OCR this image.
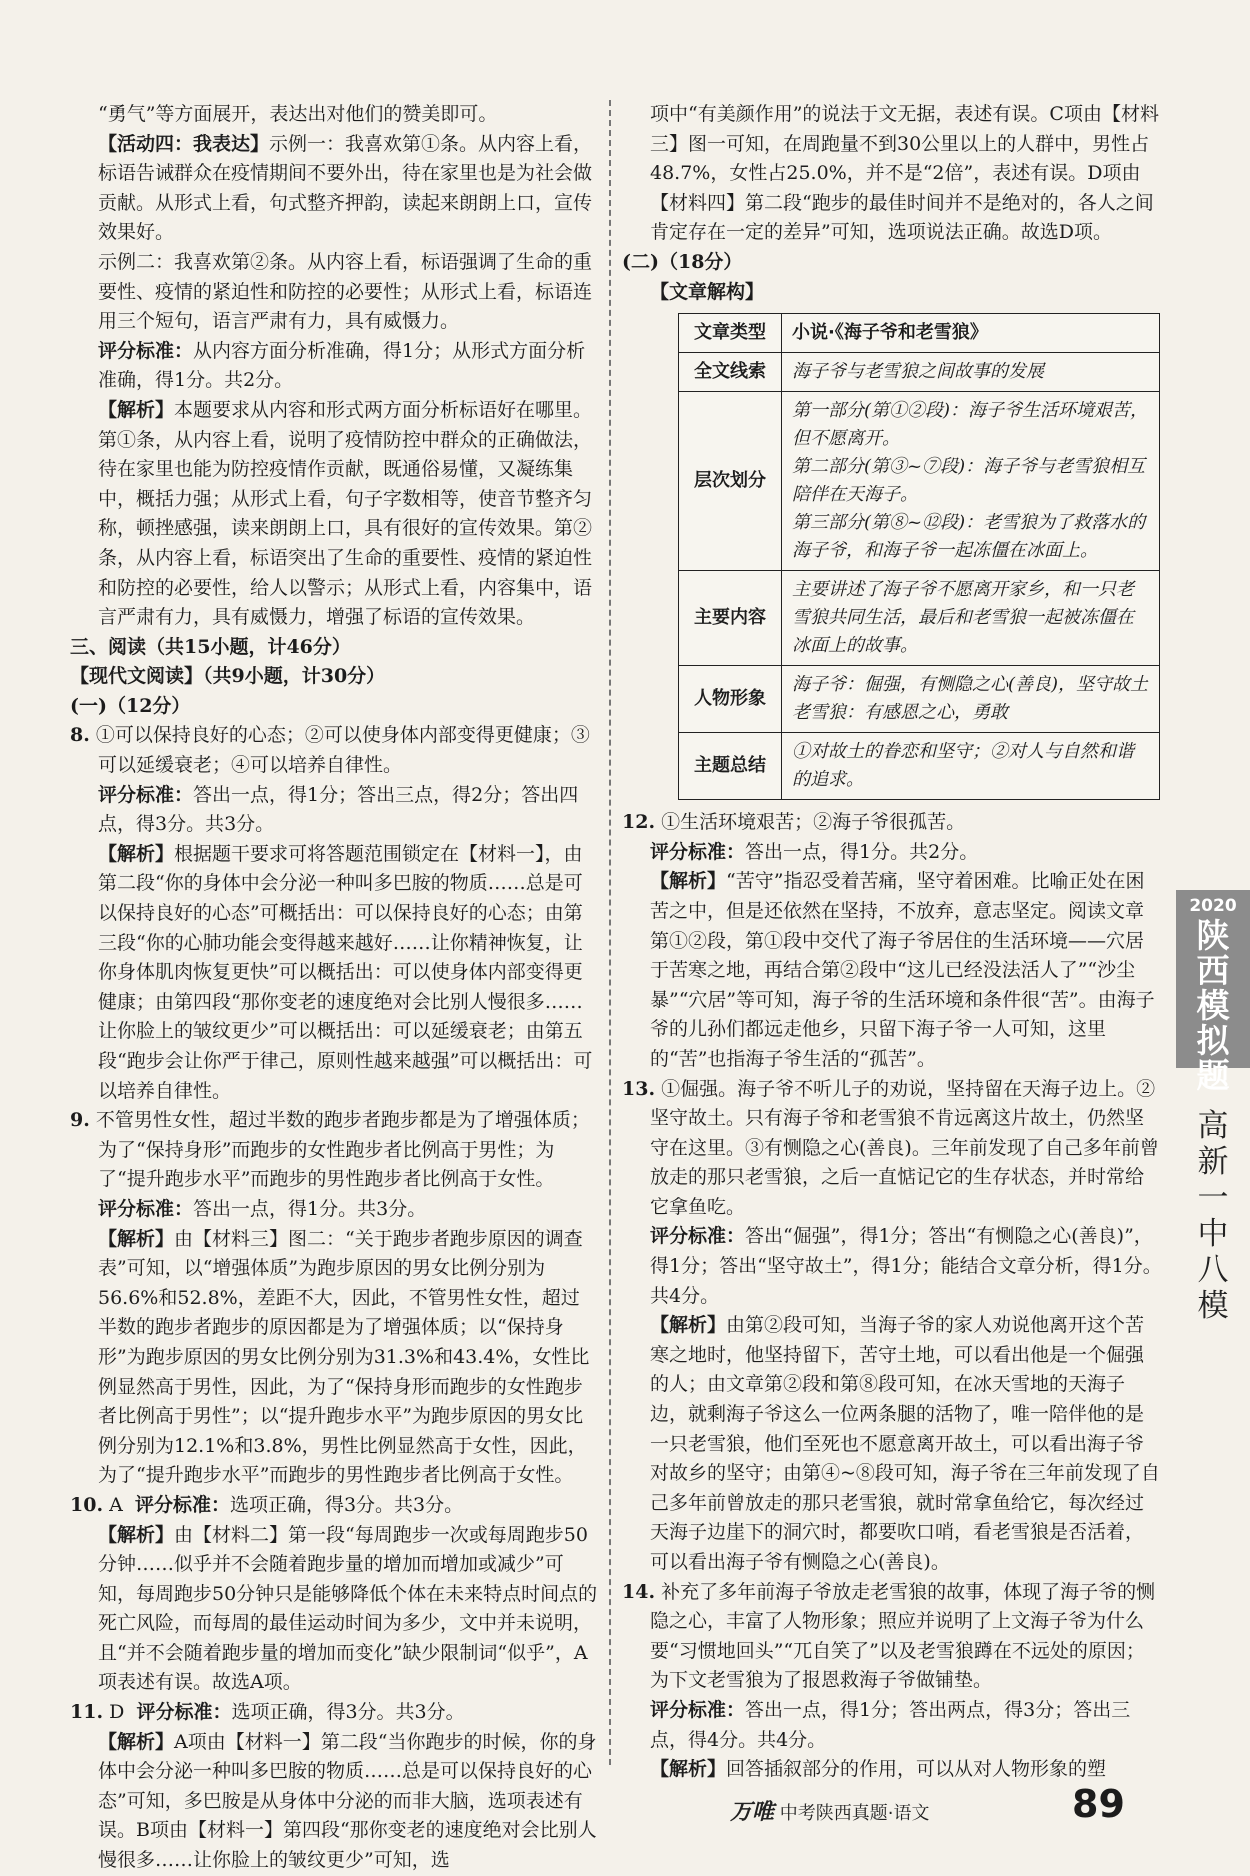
“勇气”等方面展开，表达出对他们的赞美即可。

【活动四：我表达】示例一：我喜欢第①条。从内容上看，标语告诫群众在疫情期间不要外出，待在家里也是为社会做贡献。从形式上看，句式整齐押韵，读起来朗朗上口，宣传效果好。

示例二：我喜欢第②条。从内容上看，标语强调了生命的重要性、疫情的紧迫性和防控的必要性；从形式上看，标语连用三个短句，语言严肃有力，具有威慑力。

评分标准：从内容方面分析准确，得1分；从形式方面分析准确，得1分。共2分。

【解析】本题要求从内容和形式两方面分析标语好在哪里。第①条，从内容上看，说明了疫情防控中群众的正确做法，待在家里也能为防控疫情作贡献，既通俗易懂，又凝练集中，概括力强；从形式上看，句子字数相等，使音节整齐匀称，顿挫感强，读来朗朗上口，具有很好的宣传效果。第②条，从内容上看，标语突出了生命的重要性、疫情的紧迫性和防控的必要性，给人以警示；从形式上看，内容集中，语言严肃有力，具有威慑力，增强了标语的宣传效果。

三、阅读（共15小题，计46分）

【现代文阅读】（共9小题，计30分）

(一)（12分）

8. ①可以保持良好的心态；②可以使身体内部变得更健康；③可以延缓衰老；④可以培养自律性。

评分标准：答出一点，得1分；答出三点，得2分；答出四点，得3分。共3分。

【解析】根据题干要求可将答题范围锁定在【材料一】，由第二段“你的身体中会分泌一种叫多巴胺的物质……总是可以保持良好的心态”可概括出：可以保持良好的心态；由第三段“你的心肺功能会变得越来越好……让你精神恢复，让你身体肌肉恢复更快”可以概括出：可以使身体内部变得更健康；由第四段“那你变老的速度绝对会比别人慢很多……让你脸上的皱纹更少”可以概括出：可以延缓衰老；由第五段“跑步会让你严于律己，原则性越来越强”可以概括出：可以培养自律性。

9. 不管男性女性，超过半数的跑步者跑步都是为了增强体质；为了“保持身形”而跑步的女性跑步者比例高于男性；为了“提升跑步水平”而跑步的男性跑步者比例高于女性。

评分标准：答出一点，得1分。共3分。

【解析】由【材料三】图二：“关于跑步者跑步原因的调查表”可知，以“增强体质”为跑步原因的男女比例分别为56.6%和52.8%，差距不大，因此，不管男性女性，超过半数的跑步者跑步的原因都是为了增强体质；以“保持身形”为跑步原因的男女比例分别为31.3%和43.4%，女性比例显然高于男性，因此，为了“保持身形而跑步的女性跑步者比例高于男性”；以“提升跑步水平”为跑步原因的男女比例分别为12.1%和3.8%，男性比例显然高于女性，因此，为了“提升跑步水平”而跑步的男性跑步者比例高于女性。

10. A 评分标准：选项正确，得3分。共3分。

【解析】由【材料二】第一段“每周跑步一次或每周跑步50分钟……似乎并不会随着跑步量的增加而增加或减少”可知，每周跑步50分钟只是能够降低个体在未来特点时间点的死亡风险，而每周的最佳运动时间为多少，文中并未说明，且“并不会随着跑步量的增加而变化”缺少限制词“似乎”，A项表述有误。故选A项。

11. D 评分标准：选项正确，得3分。共3分。

【解析】A项由【材料一】第二段“当你跑步的时候，你的身体中会分泌一种叫多巴胺的物质……总是可以保持良好的心态”可知，多巴胺是从身体中分泌的而非大脑，选项表述有误。B项由【材料一】第四段“那你变老的速度绝对会比别人慢很多……让你脸上的皱纹更少”可知，选

项中“有美颜作用”的说法于文无据，表述有误。C项由【材料三】图一可知，在周跑量不到30公里以上的人群中，男性占48.7%，女性占25.0%，并不是“2倍”，表述有误。D项由【材料四】第二段“跑步的最佳时间并不是绝对的，各人之间肯定存在一定的差异”可知，选项说法正确。故选D项。

(二)（18分）

【文章解构】

文章类型	小说·《海子爷和老雪狼》
全文线索	海子爷与老雪狼之间故事的发展
层次划分	第一部分(第①②段)：海子爷生活环境艰苦，但不愿离开。
第二部分(第③~⑦段)：海子爷与老雪狼相互陪伴在天海子。
第三部分(第⑧~⑫段)：老雪狼为了救落水的海子爷，和海子爷一起冻僵在冰面上。

主要内容	主要讲述了海子爷不愿离开家乡，和一只老雪狼共同生活，最后和老雪狼一起被冻僵在冰面上的故事。
人物形象	海子爷：倔强，有恻隐之心(善良)，坚守故土
老雪狼：有感恩之心，勇敢

主题总结	①对故土的眷恋和坚守；②对人与自然和谐的追求。

12. ①生活环境艰苦；②海子爷很孤苦。

评分标准：答出一点，得1分。共2分。

【解析】“苦守”指忍受着苦痛，坚守着困难。比喻正处在困苦之中，但是还依然在坚持，不放弃，意志坚定。阅读文章第①②段，第①段中交代了海子爷居住的生活环境——穴居于苦寒之地，再结合第②段中“这儿已经没法活人了”“沙尘暴”“穴居”等可知，海子爷的生活环境和条件很“苦”。由海子爷的儿孙们都远走他乡，只留下海子爷一人可知，这里的“苦”也指海子爷生活的“孤苦”。

13. ①倔强。海子爷不听儿子的劝说，坚持留在天海子边上。②坚守故土。只有海子爷和老雪狼不肯远离这片故土，仍然坚守在这里。③有恻隐之心(善良)。三年前发现了自己多年前曾放走的那只老雪狼，之后一直惦记它的生存状态，并时常给它拿鱼吃。

评分标准：答出“倔强”，得1分；答出“有恻隐之心(善良)”，得1分；答出“坚守故土”，得1分；能结合文章分析，得1分。共4分。

【解析】由第②段可知，当海子爷的家人劝说他离开这个苦寒之地时，他坚持留下，苦守土地，可以看出他是一个倔强的人；由文章第②段和第⑧段可知，在冰天雪地的天海子边，就剩海子爷这么一位两条腿的活物了，唯一陪伴他的是一只老雪狼，他们至死也不愿意离开故土，可以看出海子爷对故乡的坚守；由第④~⑧段可知，海子爷在三年前发现了自己多年前曾放走的那只老雪狼，就时常拿鱼给它，每次经过天海子边崖下的洞穴时，都要吹口哨，看老雪狼是否活着，可以看出海子爷有恻隐之心(善良)。

14. 补充了多年前海子爷放走老雪狼的故事，体现了海子爷的恻隐之心，丰富了人物形象；照应并说明了上文海子爷为什么要“习惯地回头”“兀自笑了”以及老雪狼蹲在不远处的原因；为下文老雪狼为了报恩救海子爷做铺垫。

评分标准：答出一点，得1分；答出两点，得3分；答出三点，得4分。共4分。

【解析】回答插叙部分的作用，可以从对人物形象的塑

2020
陕西模拟题
高新一中八模
万唯 中考陕西真题·语文	89
